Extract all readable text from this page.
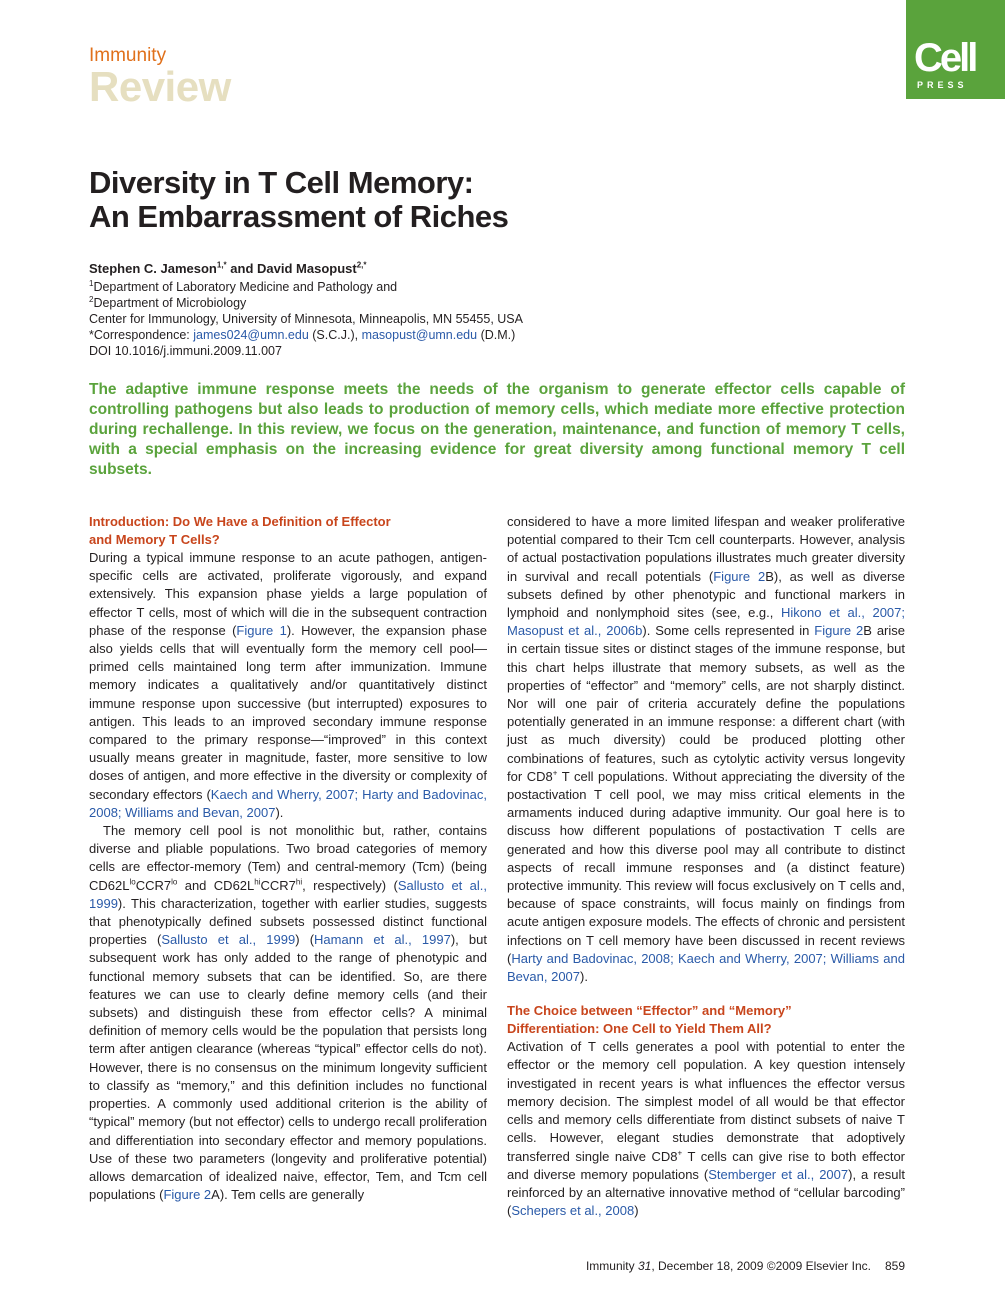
Immunity
Review
Cell
PRESS
Diversity in T Cell Memory:
An Embarrassment of Riches
Stephen C. Jameson$^{1,*}$ and David Masopust$^{2,*}$
$^1$Department of Laboratory Medicine and Pathology and
$^2$Department of Microbiology
Center for Immunology, University of Minnesota, Minneapolis, MN 55455, USA
*Correspondence: james024@umn.edu (S.C.J.), masopust@umn.edu (D.M.)
DOI 10.1016/j.immuni.2009.11.007
The adaptive immune response meets the needs of the organism to generate effector cells capable of controlling pathogens but also leads to production of memory cells, which mediate more effective protection during rechallenge. In this review, we focus on the generation, maintenance, and function of memory T cells, with a special emphasis on the increasing evidence for great diversity among functional memory T cell subsets.

Introduction: Do We Have a Definition of Effector
and Memory T Cells?

During a typical immune response to an acute pathogen, antigen-specific cells are activated, proliferate vigorously, and expand extensively. This expansion phase yields a large population of effector T cells, most of which will die in the subsequent contraction phase of the response (Figure 1). However, the expansion phase also yields cells that will eventually form the memory cell pool—primed cells maintained long term after immunization. Immune memory indicates a qualitatively and/or quantitatively distinct immune response upon successive (but interrupted) exposures to antigen. This leads to an improved secondary immune response compared to the primary response—“improved” in this context usually means greater in magnitude, faster, more sensitive to low doses of antigen, and more effective in the diversity or complexity of secondary effectors (Kaech and Wherry, 2007; Harty and Badovinac, 2008; Williams and Bevan, 2007).

The memory cell pool is not monolithic but, rather, contains diverse and pliable populations. Two broad categories of memory cells are effector-memory (Tem) and central-memory (Tcm) (being $CD62L^{lo}CCR7^{lo}$ and $CD62L^{hi}CCR7^{hi}$, respectively) (Sallusto et al., 1999). This characterization, together with earlier studies, suggests that phenotypically defined subsets possessed distinct functional properties (Sallusto et al., 1999) (Hamann et al., 1997), but subsequent work has only added to the range of phenotypic and functional memory subsets that can be identified. So, are there features we can use to clearly define memory cells (and their subsets) and distinguish these from effector cells? A minimal definition of memory cells would be the population that persists long term after antigen clearance (whereas “typical” effector cells do not). However, there is no consensus on the minimum longevity sufficient to classify as “memory,” and this definition includes no functional properties. A commonly used additional criterion is the ability of “typical” memory (but not effector) cells to undergo recall proliferation and differentiation into secondary effector and memory populations. Use of these two parameters (longevity and proliferative potential) allows demarcation of idealized naive, effector, Tem, and Tcm cell populations (Figure 2A). Tem cells are generally

considered to have a more limited lifespan and weaker proliferative potential compared to their Tcm cell counterparts. However, analysis of actual postactivation populations illustrates much greater diversity in survival and recall potentials (Figure 2B), as well as diverse subsets defined by other phenotypic and functional markers in lymphoid and nonlymphoid sites (see, e.g., Hikono et al., 2007; Masopust et al., 2006b). Some cells represented in Figure 2B arise in certain tissue sites or distinct stages of the immune response, but this chart helps illustrate that memory subsets, as well as the properties of “effector” and “memory” cells, are not sharply distinct. Nor will one pair of criteria accurately define the populations potentially generated in an immune response: a different chart (with just as much diversity) could be produced plotting other combinations of features, such as cytolytic activity versus longevity for CD8+ T cell populations. Without appreciating the diversity of the postactivation T cell pool, we may miss critical elements in the armaments induced during adaptive immunity. Our goal here is to discuss how different populations of postactivation T cells are generated and how this diverse pool may all contribute to distinct aspects of recall immune responses and (a distinct feature) protective immunity. This review will focus exclusively on T cells and, because of space constraints, will focus mainly on findings from acute antigen exposure models. The effects of chronic and persistent infections on T cell memory have been discussed in recent reviews (Harty and Badovinac, 2008; Kaech and Wherry, 2007; Williams and Bevan, 2007).

The Choice between “Effector” and “Memory”
Differentiation: One Cell to Yield Them All?

Activation of T cells generates a pool with potential to enter the effector or the memory cell population. A key question intensely investigated in recent years is what influences the effector versus memory decision. The simplest model of all would be that effector cells and memory cells differentiate from distinct subsets of naive T cells. However, elegant studies demonstrate that adoptively transferred single naive CD8+ T cells can give rise to both effector and diverse memory populations (Stemberger et al., 2007), a result reinforced by an alternative innovative method of “cellular barcoding” (Schepers et al., 2008)

Immunity 31, December 18, 2009 ©2009 Elsevier Inc. 859
